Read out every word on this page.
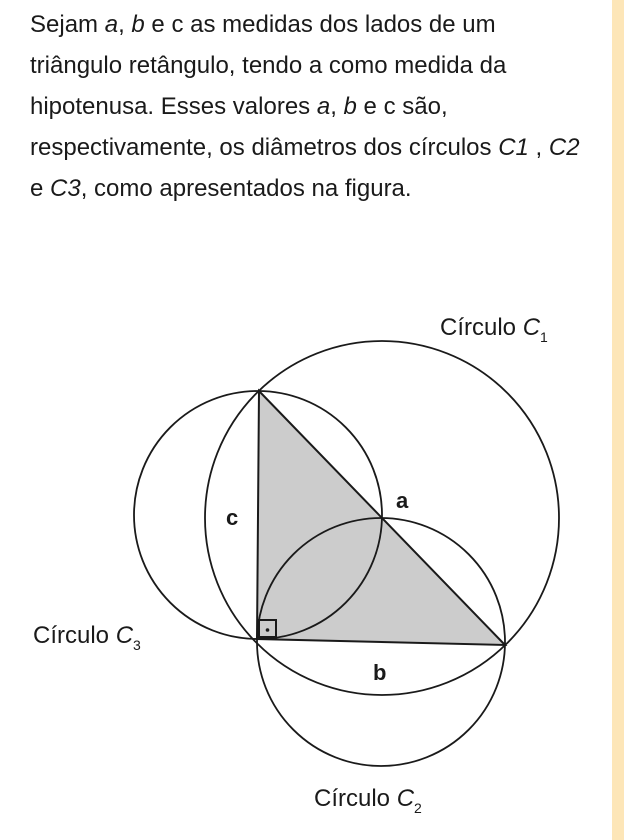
Sejam a, b e c as medidas dos lados de um triângulo retângulo, tendo a como medida da hipotenusa. Esses valores a, b e c são, respectivamente, os diâmetros dos círculos C1 , C2 e C3, como apresentados na figura.

a
b
c
Círculo $C_1$
Círculo $C_3$
Círculo $C_2$
